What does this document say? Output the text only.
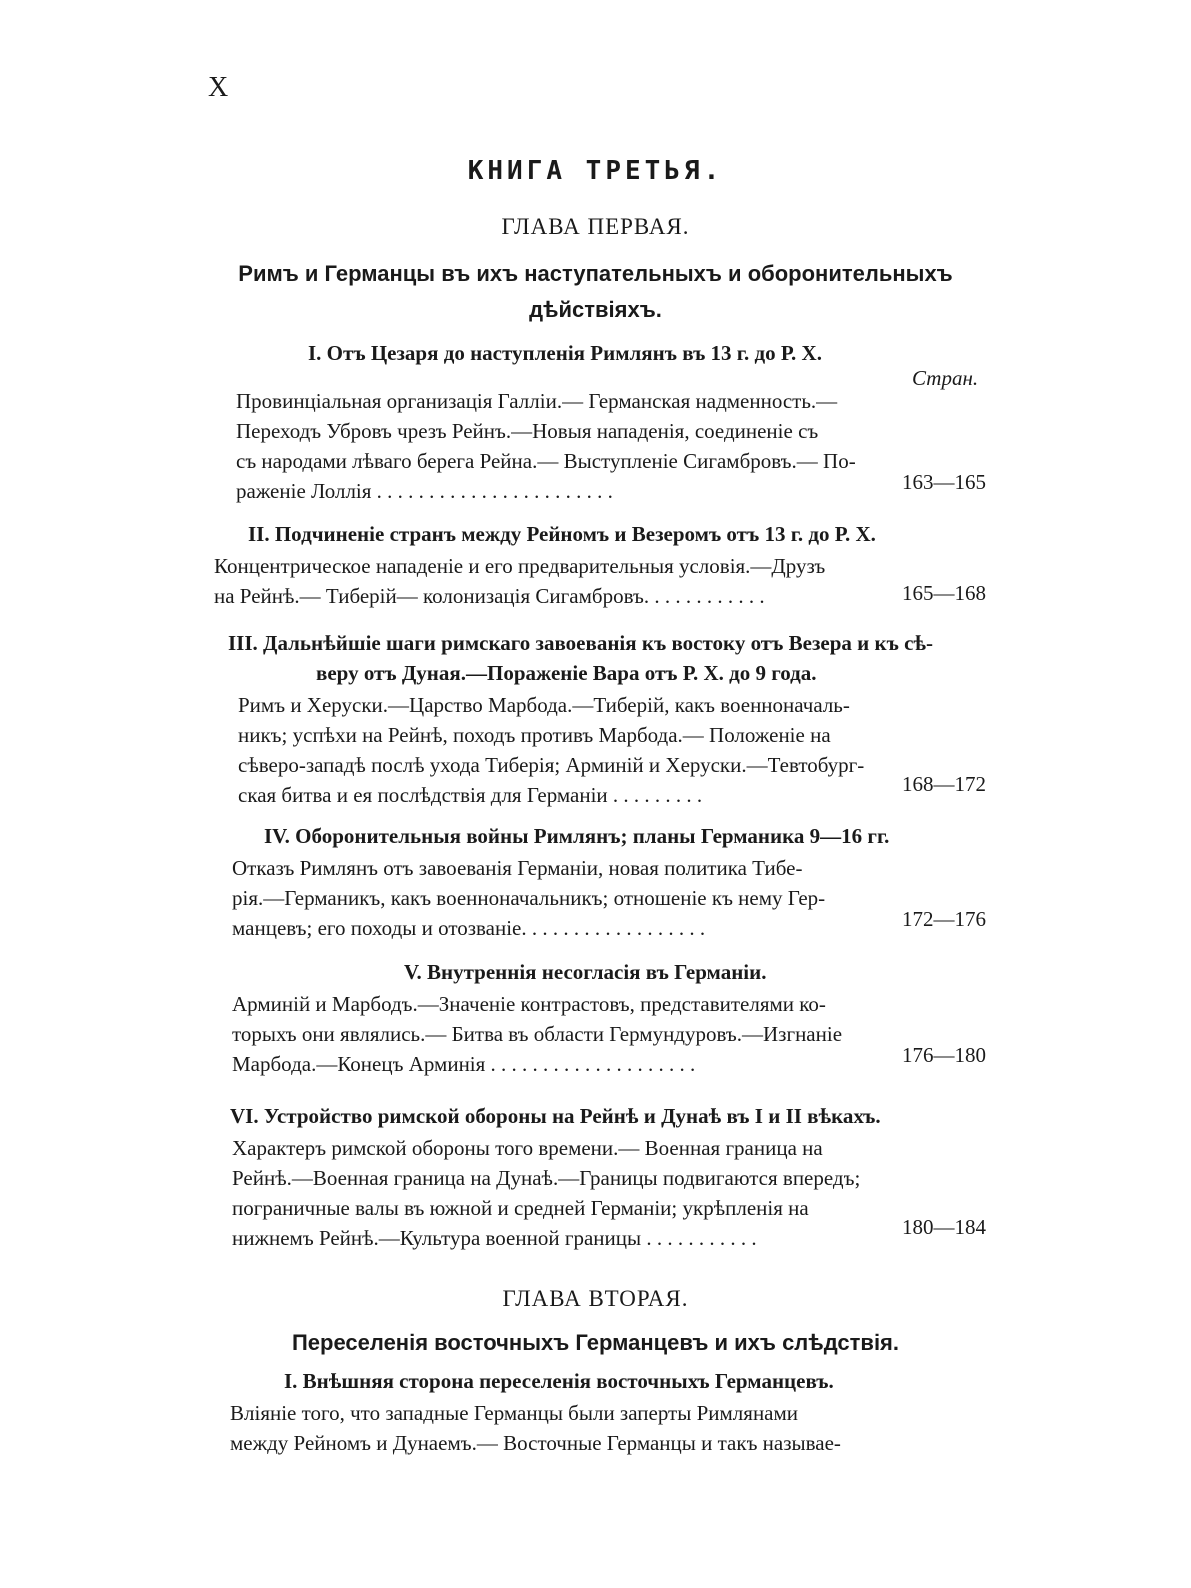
X
КНИГА ТРЕТЬЯ.
ГЛАВА ПЕРВАЯ.
Римъ и Германцы въ ихъ наступательныхъ и оборонительныхъ
дѣйствіяхъ.
I. Отъ Цезаря до наступленія Римлянъ въ 13 г. до Р. Х.
Стран.
Провинціальная организація Галліи.— Германская надменность.—
Переходъ Убровъ чрезъ Рейнъ.—Новыя нападенія, соединеніе съ
съ народами лѣваго берега Рейна.— Выступленіе Сигамбровъ.— По-
раженіе Лоллія . . . . . . . . . . . . . . . . . . . . . . .	163—165
II. Подчиненіе странъ между Рейномъ и Везеромъ отъ 13 г. до Р. Х.
Концентрическое нападеніе и его предварительныя условія.—Друзъ
на Рейнѣ.— Тиберій— колонизація Сигамбровъ. . . . . . . . . . . .	165—168
III. Дальнѣйшіе шаги римскаго завоеванія къ востоку отъ Везера и къ сѣ-
веру отъ Дуная.—Пораженіе Вара отъ Р. Х. до 9 года.
Римъ и Херуски.—Царство Марбода.—Тиберій, какъ военноначаль-
никъ; успѣхи на Рейнѣ, походъ противъ Марбода.— Положеніе на
сѣверо-западѣ послѣ ухода Тиберія; Арминій и Херуски.—Тевтобург-
ская битва и ея послѣдствія для Германіи . . . . . . . . .	168—172
IV. Оборонительныя войны Римлянъ; планы Германика 9—16 гг.
Отказъ Римлянъ отъ завоеванія Германіи, новая политика Тибе-
рія.—Германикъ, какъ военноначальникъ; отношеніе къ нему Гер-
манцевъ; его походы и отозваніе. . . . . . . . . . . . . . . . . .	172—176
V. Внутреннія несогласія въ Германіи.
Арминій и Марбодъ.—Значеніе контрастовъ, представителями ко-
торыхъ они являлись.— Битва въ области Гермундуровъ.—Изгнаніе
Марбода.—Конецъ Арминія . . . . . . . . . . . . . . . . . . . .	176—180
VI. Устройство римской обороны на Рейнѣ и Дунаѣ въ I и II вѣкахъ.
Характеръ римской обороны того времени.— Военная граница на
Рейнѣ.—Военная граница на Дунаѣ.—Границы подвигаются впередъ;
пограничные валы въ южной и средней Германіи; укрѣпленія на
нижнемъ Рейнѣ.—Культура военной границы . . . . . . . . . . .	180—184
ГЛАВА ВТОРАЯ.
Переселенія восточныхъ Германцевъ и ихъ слѣдствія.
I. Внѣшняя сторона переселенія восточныхъ Германцевъ.
Вліяніе того, что западные Германцы были заперты Римлянами
между Рейномъ и Дунаемъ.— Восточные Германцы и такъ называе-
